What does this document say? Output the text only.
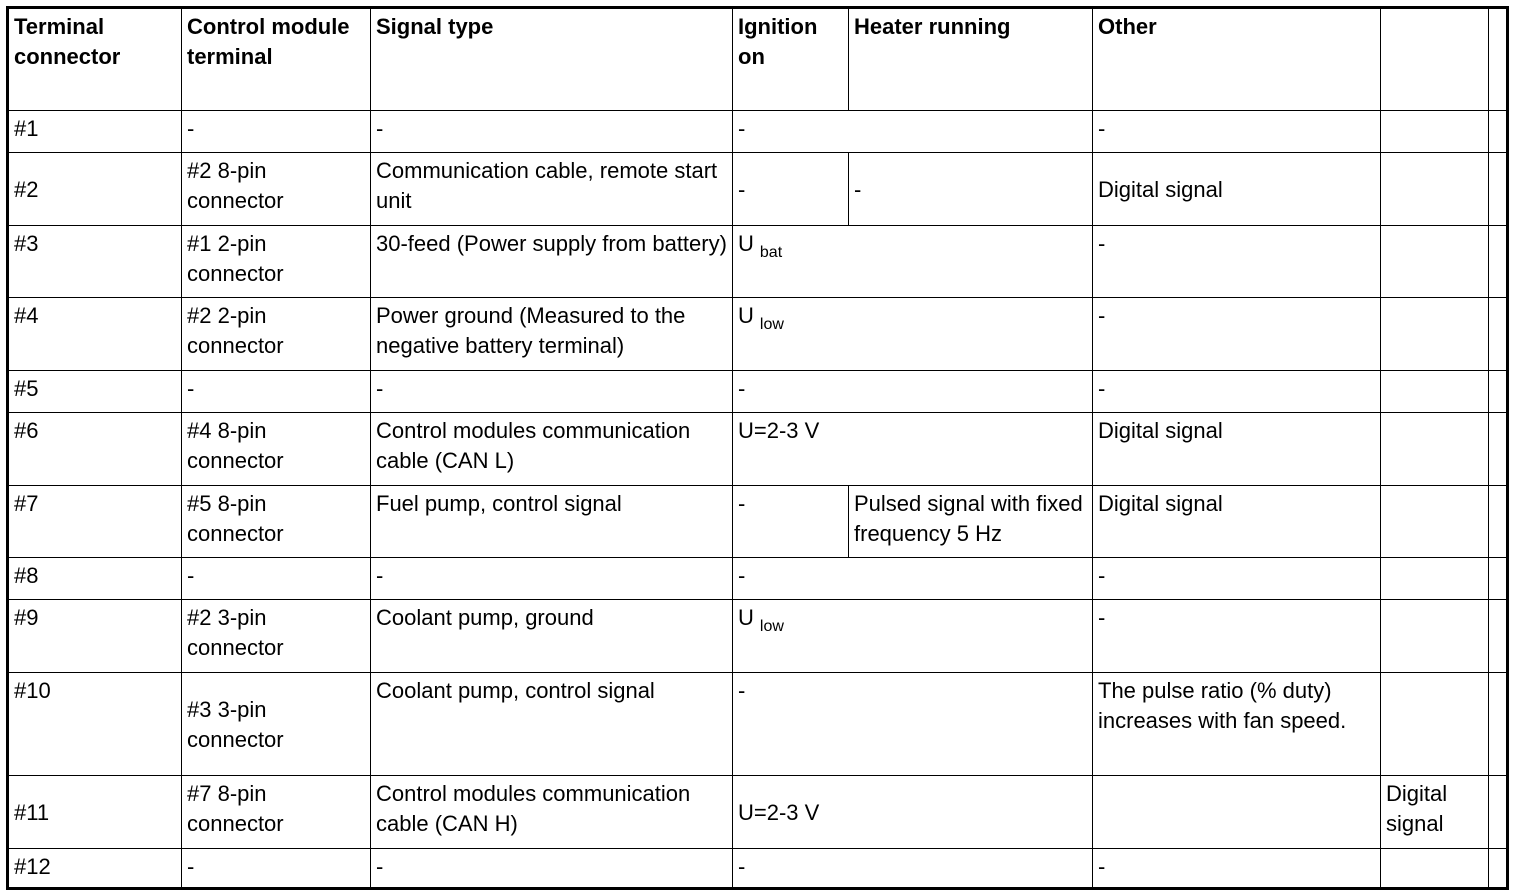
Terminal connector	Control module terminal	Signal type	Ignition on	Heater running	Other		
#1	-	-	-		-		
#2	#2 8-pin connector	Communication cable, remote start unit	-	-	Digital signal		
#3	#1 2-pin connector	30-feed (Power supply from battery)	U $_{bat}$		-		
#4	#2 2-pin connector	Power ground (Measured to the negative battery terminal)	U $_{low}$		-		
#5	-	-	-		-		
#6	#4 8-pin connector	Control modules communication cable (CAN L)	U=2-3 V		Digital signal		
#7	#5 8-pin connector	Fuel pump, control signal	-	Pulsed signal with fixed frequency 5 Hz	Digital signal		
#8	-	-	-		-		
#9	#2 3-pin connector	Coolant pump, ground	U $_{low}$		-		
#10	#3 3-pin connector	Coolant pump, control signal	-		The pulse ratio (% duty) increases with fan speed.		
#11	#7 8-pin connector	Control modules communication cable (CAN H)	U=2-3 V			Digital signal	
#12	-	-	-		-		
